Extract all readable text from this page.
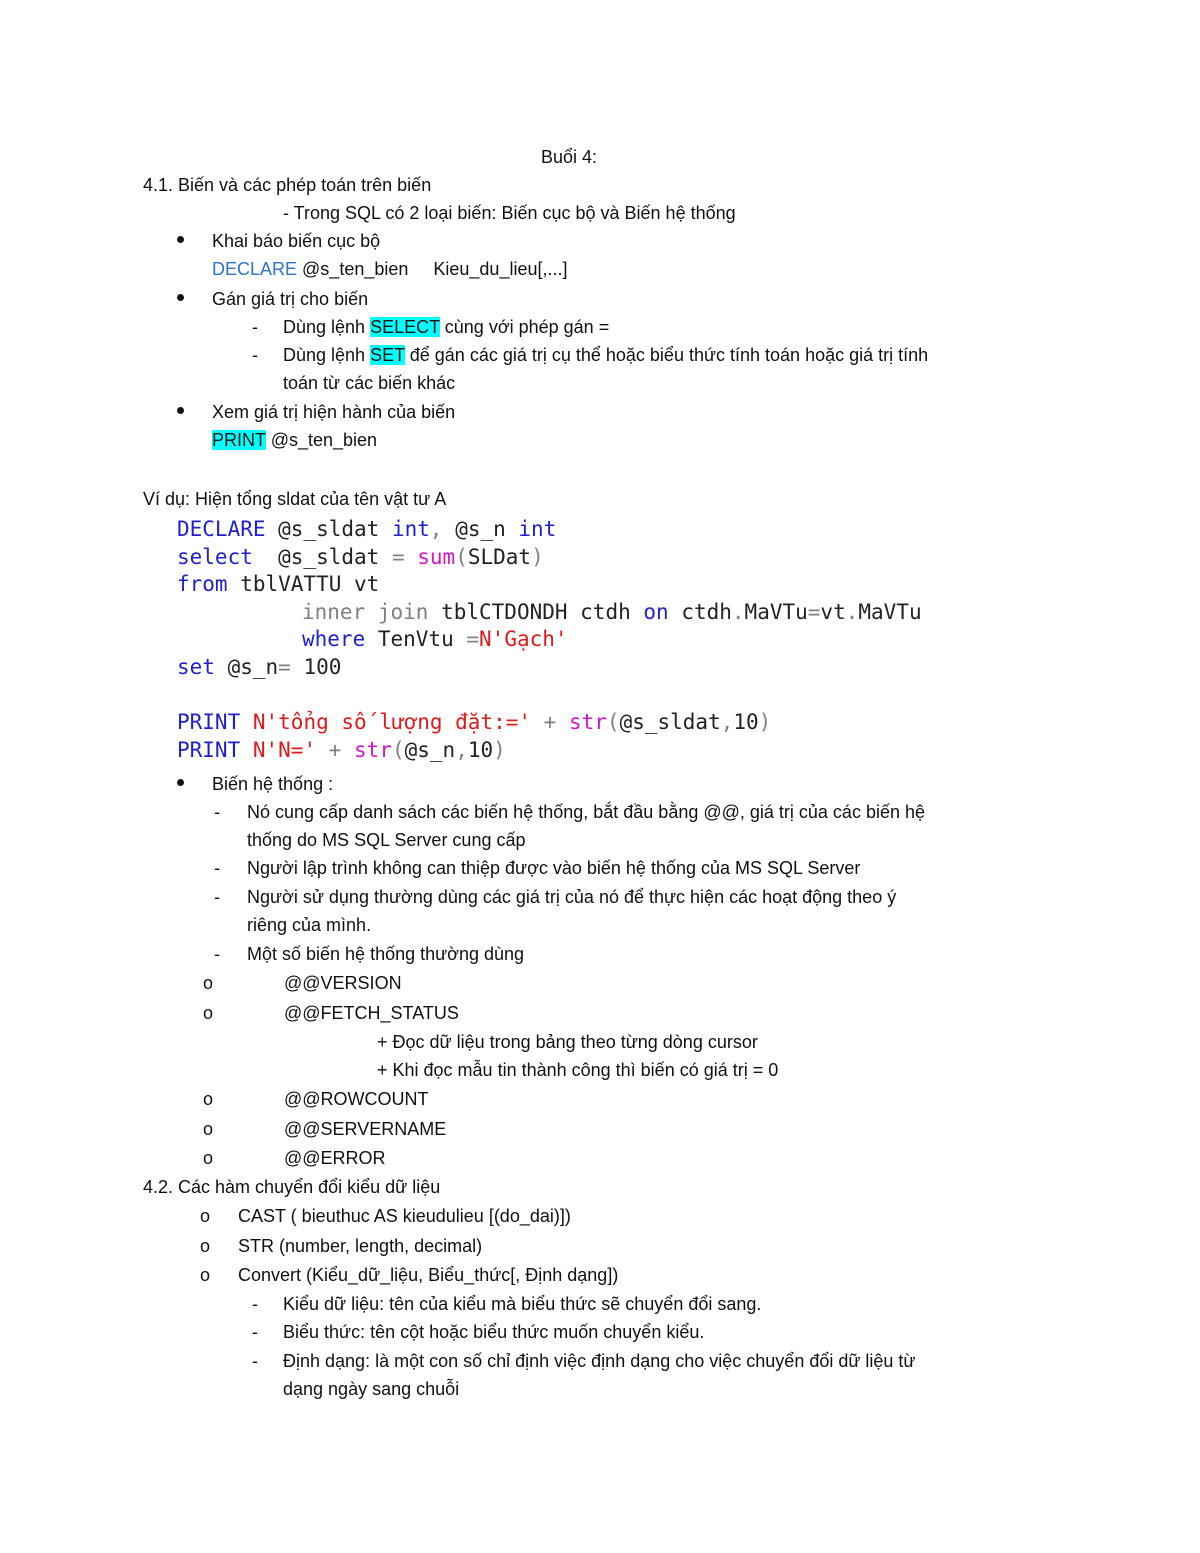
Buổi 4:
4.1. Biến và các phép toán trên biến
- Trong SQL có 2 loại biến: Biến cục bộ và Biến hệ thống
Khai báo biến cục bộ
DECLARE @s_ten_bien     Kieu_du_lieu[,...]
Gán giá trị cho biến
- Dùng lệnh SELECT cùng với phép gán =
- Dùng lệnh SET để gán các giá trị cụ thể hoặc biểu thức tính toán hoặc giá trị tính
toán từ các biến khác
Xem giá trị hiện hành của biến
PRINT @s_ten_bien
Ví dụ: Hiện tổng sldat của tên vật tư A
DECLARE @s_sldat int, @s_n int
select  @s_sldat = sum(SLDat)
from tblVATTU vt
inner join tblCTDONDH ctdh on ctdh.MaVTu=vt.MaVTu
where TenVtu =N'Gạch'
set @s_n= 100
PRINT N'tổng số lượng đặt:=' + str(@s_sldat,10)
PRINT N'N=' + str(@s_n,10)
Biến hệ thống :
- Nó cung cấp danh sách các biến hệ thống, bắt đầu bằng @@, giá trị của các biến hệ
thống do MS SQL Server cung cấp
- Người lập trình không can thiệp được vào biến hệ thống của MS SQL Server
- Người sử dụng thường dùng các giá trị của nó để thực hiện các hoạt động theo ý
riêng của mình.
- Một số biến hệ thống thường dùng
o	@@VERSION
o	@@FETCH_STATUS
+ Đọc dữ liệu trong bảng theo từng dòng cursor
+ Khi đọc mẫu tin thành công thì biến có giá trị = 0
o	@@ROWCOUNT
o	@@SERVERNAME
o	@@ERROR
4.2. Các hàm chuyển đổi kiểu dữ liệu
o CAST ( bieuthuc AS kieudulieu [(do_dai)])
o STR (number, length, decimal)
o Convert (Kiểu_dữ_liệu, Biểu_thức[, Định dạng])
- Kiểu dữ liệu: tên của kiểu mà biểu thức sẽ chuyển đổi sang.
- Biểu thức: tên cột hoặc biểu thức muốn chuyển kiểu.
- Định dạng: là một con số chỉ định việc định dạng cho việc chuyển đổi dữ liệu từ
dạng ngày sang chuỗi
